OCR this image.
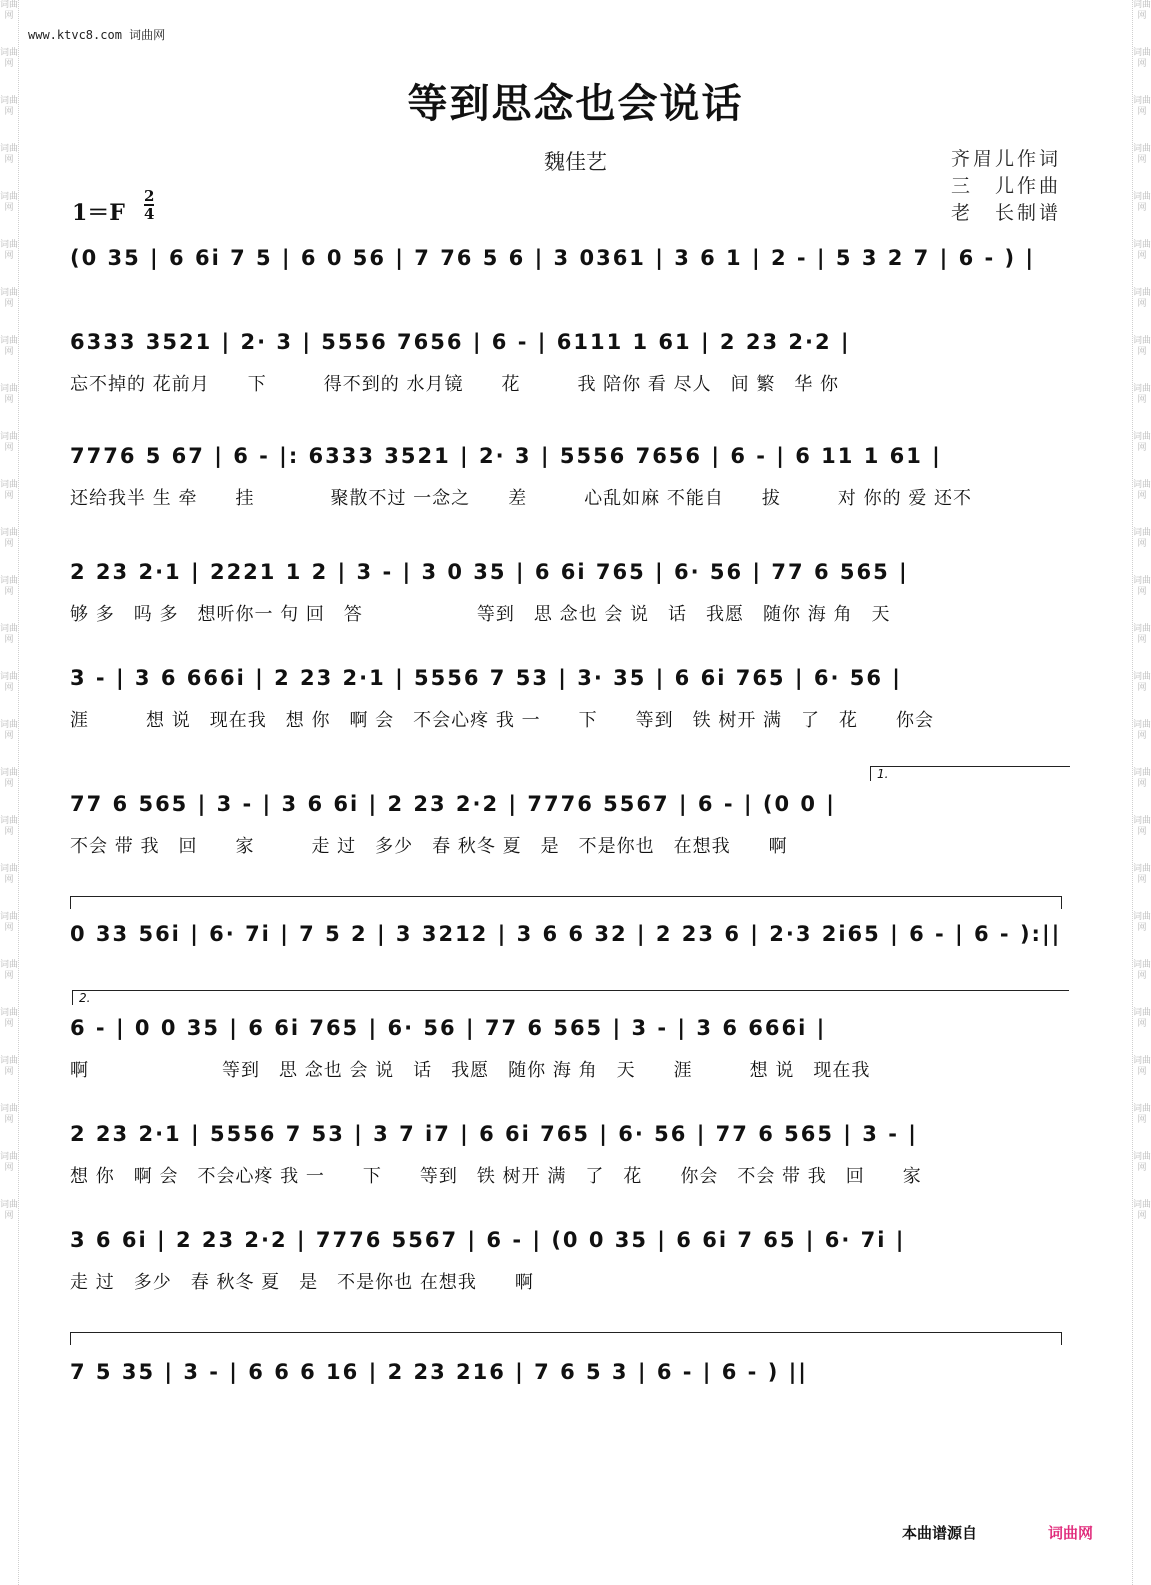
词曲网
词曲网
词曲网
词曲网
词曲网
词曲网
词曲网
词曲网
词曲网
词曲网
词曲网
词曲网
词曲网
词曲网
词曲网
词曲网
词曲网
词曲网
词曲网
词曲网
词曲网
词曲网
词曲网
词曲网
词曲网
词曲网
词曲网
词曲网
词曲网
词曲网
词曲网
词曲网
词曲网
词曲网
词曲网
词曲网
词曲网
词曲网
词曲网
词曲网
词曲网
词曲网
词曲网
词曲网
词曲网
词曲网
词曲网
词曲网
词曲网
词曲网
词曲网
词曲网
www.ktvc8.com 词曲网
等到思念也会说话
魏佳艺	齐眉儿作词
三　儿作曲
老　长制谱
1＝F
2
4
(0 35 | 6 6i 7 5 | 6 0 56 | 7 76 5 6 | 3 0361 | 3 6 1 | 2 - | 5 3 2 7 | 6 - ) |
6333 3521 | 2· 3 | 5556 7656 | 6 - | 6111 1 61 | 2 23 2·2 |
忘不掉的 花前月　　下　　　得不到的 水月镜　　花　　　我 陪你 看 尽人　间 繁　华 你
7776 5 67 | 6 - |: 6333 3521 | 2· 3 | 5556 7656 | 6 - | 6 11 1 61 |
还给我半 生 牵　　挂　　　　聚散不过 一念之　　差　　　心乱如麻 不能自　　拔　　　对 你的 爱 还不
2 23 2·1 | 2221 1 2 | 3 - | 3 0 35 | 6 6i 765 | 6· 56 | 77 6 565 |
够 多　吗 多　想听你一 句 回　答　　　　　　等到　思 念也 会 说　话　我愿　随你 海 角　天
3 - | 3 6 666i | 2 23 2·1 | 5556 7 53 | 3· 35 | 6 6i 765 | 6· 56 |
涯　　　想 说　现在我　想 你　啊 会　不会心疼 我 一　　下　　等到　铁 树开 满　了　花　　你会
1.
77 6 565 | 3 - | 3 6 6i | 2 23 2·2 | 7776 5567 | 6 - | (0 0 |
不会 带 我　回　　家　　　走 过　多少　春 秋冬 夏　是　不是你也　在想我　　啊
0 33 56i | 6· 7i | 7 5 2 | 3 3212 | 3 6 6 32 | 2 23 6 | 2·3 2i65 | 6 - | 6 - ):||
2.
6 - | 0 0 35 | 6 6i 765 | 6· 56 | 77 6 565 | 3 - | 3 6 666i |
啊　　　　　　　等到　思 念也 会 说　话　我愿　随你 海 角　天　　涯　　　想 说　现在我
2 23 2·1 | 5556 7 53 | 3 7 i7 | 6 6i 765 | 6· 56 | 77 6 565 | 3 - |
想 你　啊 会　不会心疼 我 一　　下　　等到　铁 树开 满　了　花　　你会　不会 带 我　回　　家
3 6 6i | 2 23 2·2 | 7776 5567 | 6 - | (0 0 35 | 6 6i 7 65 | 6· 7i |
走 过　多少　春 秋冬 夏　是　不是你也 在想我　　啊
7 5 35 | 3 - | 6 6 6 16 | 2 23 216 | 7 6 5 3 | 6 - | 6 - ) ||
本曲谱源自	词曲网
